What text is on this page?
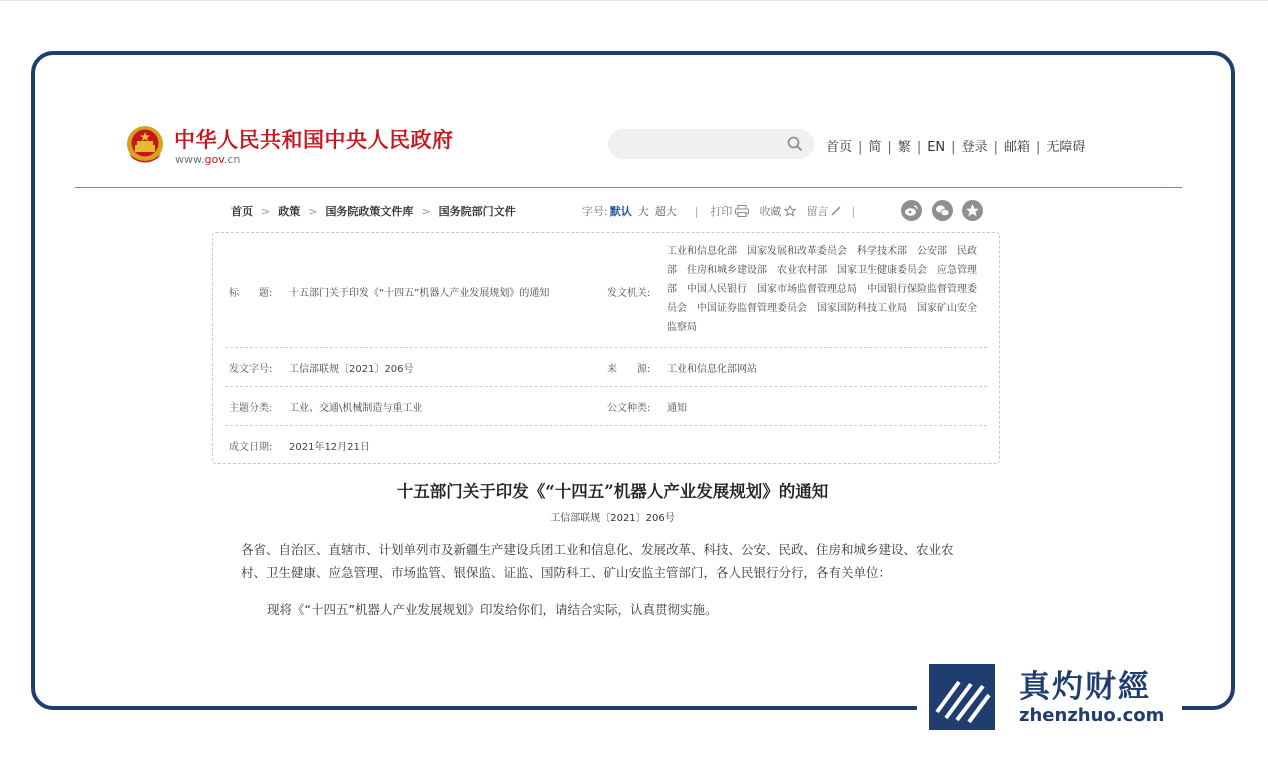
中华人民共和国中央人民政府
www.gov.cn
首页 | 简 | 繁 | EN | 登录 | 邮箱 | 无障碍
首页 > 政策 > 国务院政策文件库 > 国务院部门文件	字号: 默认 大 超大 | 打印 收藏 留言 |
标　　题: 十五部门关于印发《“十四五”机器人产业发展规划》的通知	发文机关:
工业和信息化部　国家发展和改革委员会　科学技术部　公安部　民政部　住房和城乡建设部　农业农村部　国家卫生健康委员会　应急管理部　中国人民银行　国家市场监督管理总局　中国银行保险监督管理委员会　中国证券监督管理委员会　国家国防科技工业局　国家矿山安全监察局
发文字号: 工信部联规〔2021〕206号	来　　源: 工业和信息化部网站
主题分类: 工业、交通\机械制造与重工业	公文种类: 通知
成文日期: 2021年12月21日
十五部门关于印发《“十四五”机器人产业发展规划》的通知
工信部联规〔2021〕206号
各省、自治区、直辖市、计划单列市及新疆生产建设兵团工业和信息化、发展改革、科技、公安、民政、住房和城乡建设、农业农村、卫生健康、应急管理、市场监管、银保监、证监、国防科工、矿山安监主管部门，各人民银行分行，各有关单位：
现将《“十四五”机器人产业发展规划》印发给你们，请结合实际，认真贯彻实施。
真灼财經
zhenzhuo.com
